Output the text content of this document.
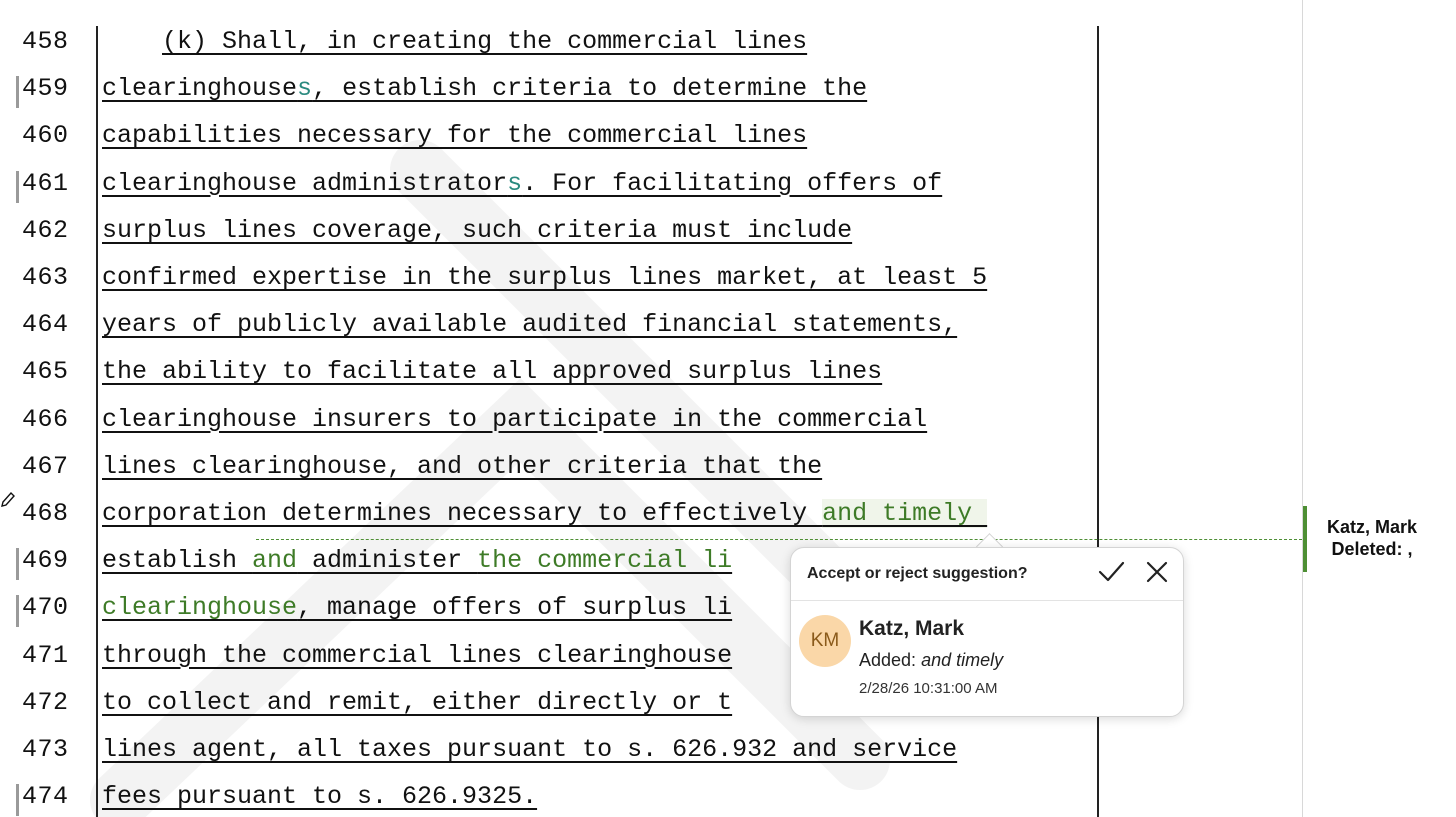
458	(k) Shall, in creating the commercial lines
459	clearinghouses, establish criteria to determine the
460	capabilities necessary for the commercial lines
461	clearinghouse administrators. For facilitating offers of
462	surplus lines coverage, such criteria must include
463	confirmed expertise in the surplus lines market, at least 5
464	years of publicly available audited financial statements,
465	the ability to facilitate all approved surplus lines
466	clearinghouse insurers to participate in the commercial
467	lines clearinghouse, and other criteria that the
468	corporation determines necessary to effectively and timely
469	establish and administer the commercial li
470	clearinghouse, manage offers of surplus li
471	through the commercial lines clearinghouse
472	to collect and remit, either directly or t
473	lines agent, all taxes pursuant to s. 626.932 and service
474	fees pursuant to s. 626.9325.
Katz, Mark
Deleted: ,
Accept or reject suggestion?
KM
Katz, Mark
Added: and timely
2/28/26 10:31:00 AM
